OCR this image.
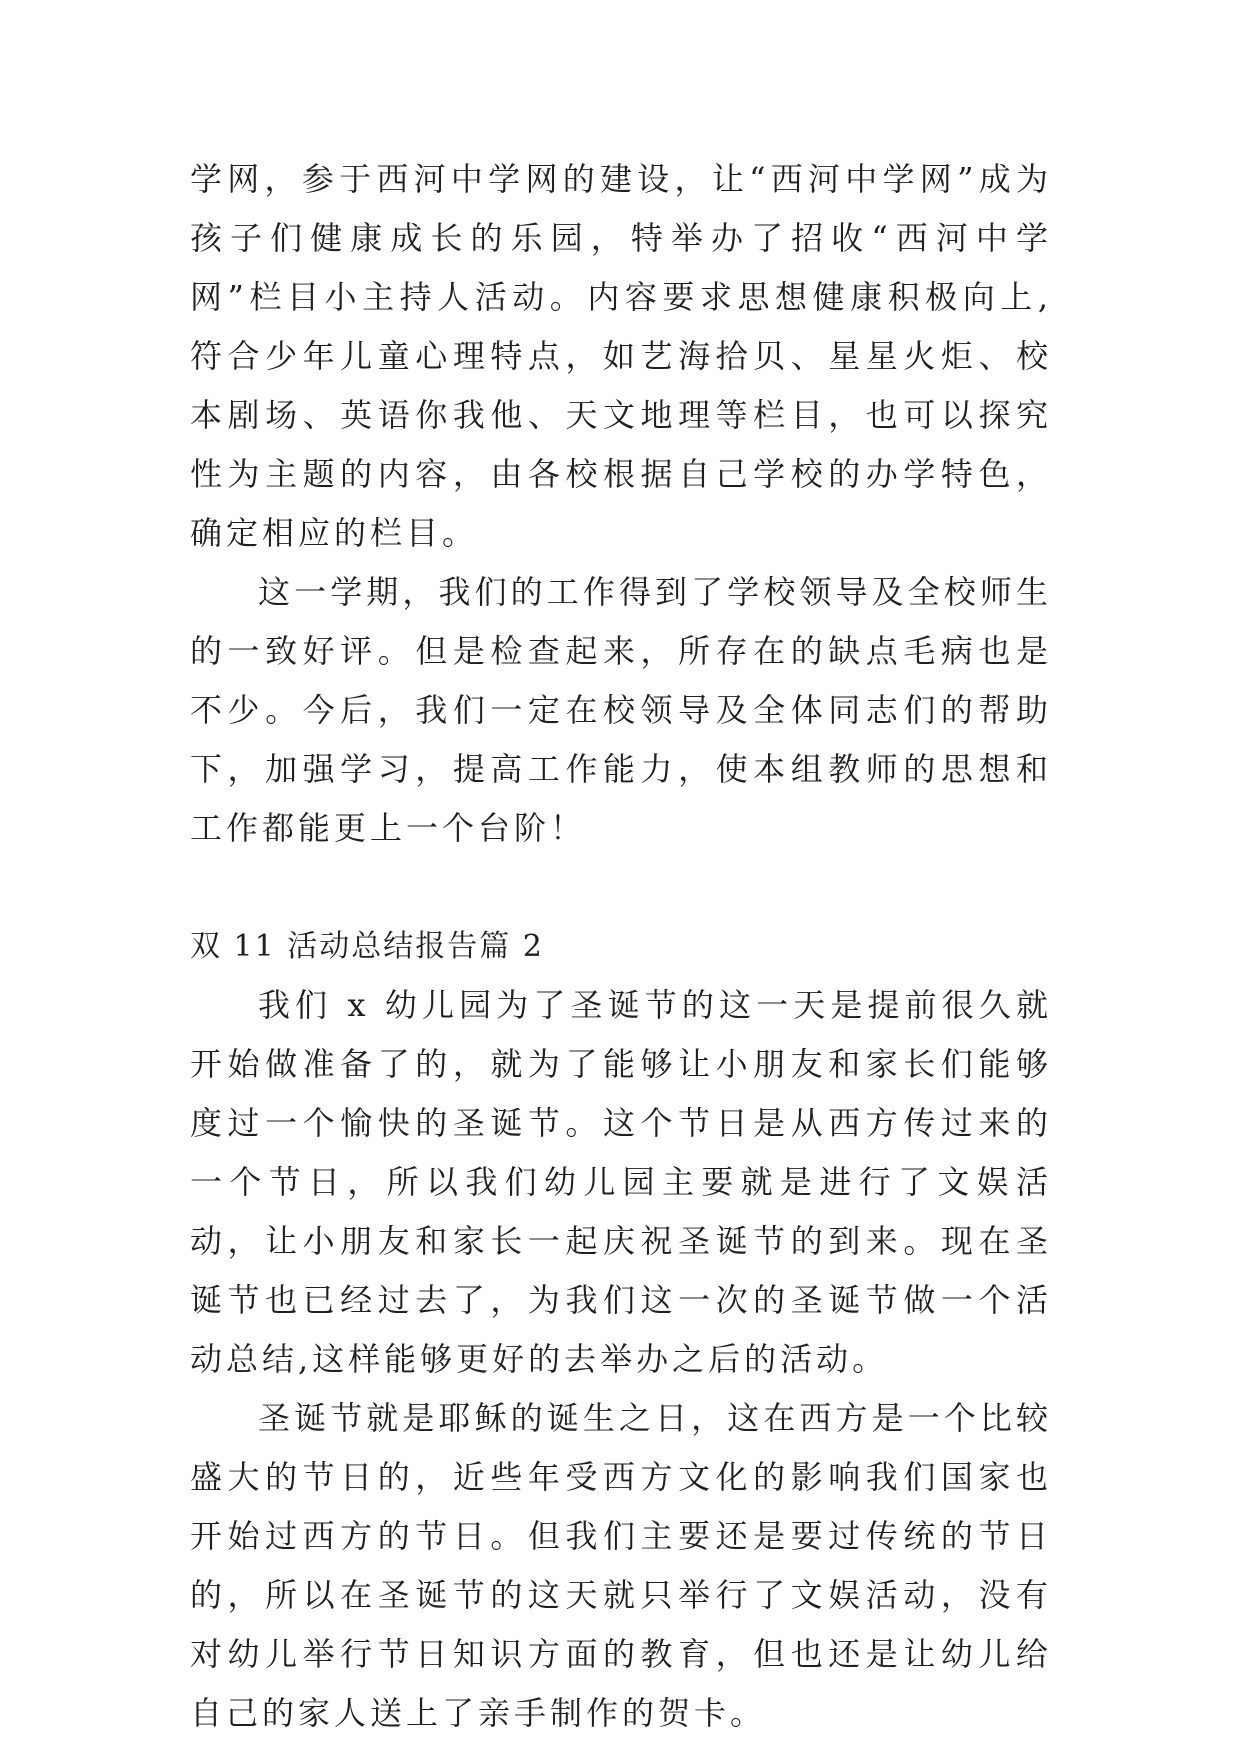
学网，参于西河中学网的建设，让“西河中学网”成为孩子们健康成长的乐园，特举办了招收“西河中学网”栏目小主持人活动。内容要求思想健康积极向上,符合少年儿童心理特点，如艺海拾贝、星星火炬、校本剧场、英语你我他、天文地理等栏目，也可以探究性为主题的内容，由各校根据自己学校的办学特色，确定相应的栏目。

这一学期，我们的工作得到了学校领导及全校师生的一致好评。但是检查起来，所存在的缺点毛病也是不少。今后，我们一定在校领导及全体同志们的帮助下，加强学习，提高工作能力，使本组教师的思想和工作都能更上一个台阶！

双 11 活动总结报告篇 2

我们 x 幼儿园为了圣诞节的这一天是提前很久就开始做准备了的，就为了能够让小朋友和家长们能够度过一个愉快的圣诞节。这个节日是从西方传过来的一个节日，所以我们幼儿园主要就是进行了文娱活动，让小朋友和家长一起庆祝圣诞节的到来。现在圣诞节也已经过去了，为我们这一次的圣诞节做一个活动总结,这样能够更好的去举办之后的活动。

圣诞节就是耶稣的诞生之日，这在西方是一个比较盛大的节日的，近些年受西方文化的影响我们国家也开始过西方的节日。但我们主要还是要过传统的节日的，所以在圣诞节的这天就只举行了文娱活动，没有对幼儿举行节日知识方面的教育，但也还是让幼儿给自己的家人送上了亲手制作的贺卡。
